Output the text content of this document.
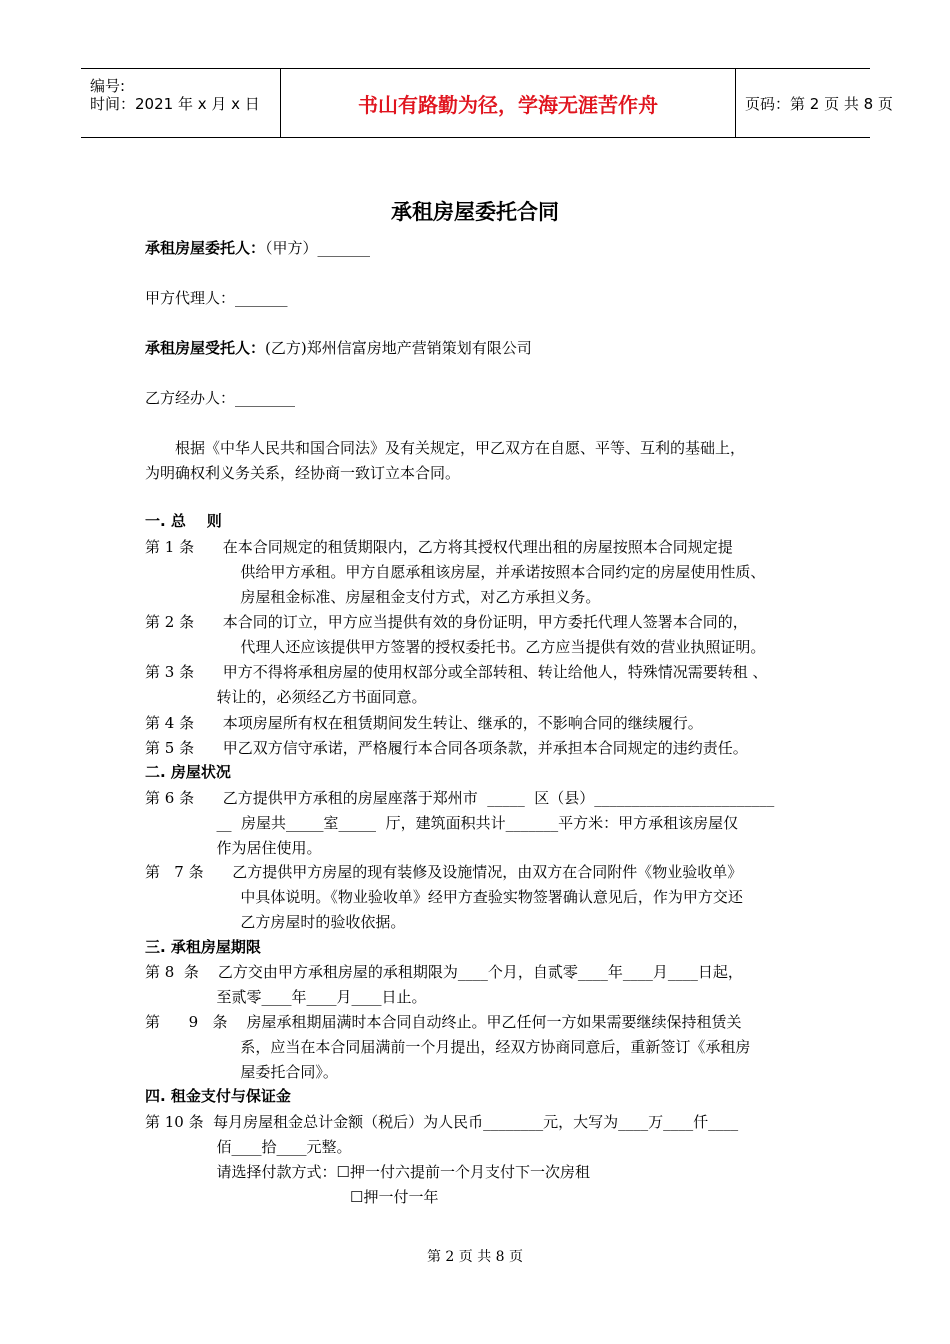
编号:
时间：2021 年 x 月 x 日	书山有路勤为径，学海无涯苦作舟	页码：第 2 页 共 8 页
承租房屋委托合同
承租房屋委托人：（甲方）_______
甲方代理人：_______
承租房屋受托人：(乙方)郑州信富房地产营销策划有限公司
乙方经办人：________
根据《中华人民共和国合同法》及有关规定，甲乙双方在自愿、平等、互利的基础上，
为明确权利义务关系，经协商一致订立本合同。
一. 总    则
第 1 条      在本合同规定的租赁期限内，乙方将其授权代理出租的房屋按照本合同规定提
供给甲方承租。甲方自愿承租该房屋，并承诺按照本合同约定的房屋使用性质、
房屋租金标准、房屋租金支付方式，对乙方承担义务。
第 2 条      本合同的订立，甲方应当提供有效的身份证明，甲方委托代理人签署本合同的，
代理人还应该提供甲方签署的授权委托书。乙方应当提供有效的营业执照证明。
第 3 条      甲方不得将承租房屋的使用权部分或全部转租、转让给他人，特殊情况需要转租 、
转让的，必须经乙方书面同意。
第 4 条      本项房屋所有权在租赁期间发生转让、继承的，不影响合同的继续履行。
第 5 条      甲乙双方信守承诺，严格履行本合同各项条款，并承担本合同规定的违约责任。
二. 房屋状况
第 6 条      乙方提供甲方承租的房屋座落于郑州市  _____  区（县）________________________
__  房屋共_____室_____  厅，建筑面积共计_______平方米：甲方承租该房屋仅
作为居住使用。
第   7 条      乙方提供甲方房屋的现有装修及设施情况，由双方在合同附件《物业验收单》
中具体说明。《物业验收单》经甲方查验实物签署确认意见后，作为甲方交还
乙方房屋时的验收依据。
三. 承租房屋期限
第 8  条    乙方交由甲方承租房屋的承租期限为____个月，自贰零____年____月____日起，
至贰零____年____月____日止。
第      9   条    房屋承租期届满时本合同自动终止。甲乙任何一方如果需要继续保持租赁关
系，应当在本合同届满前一个月提出，经双方协商同意后，重新签订《承租房
屋委托合同》。
四. 租金支付与保证金
第 10 条  每月房屋租金总计金额（税后）为人民币________元，大写为____万____仟____
佰____拾____元整。
请选择付款方式：☐押一付六提前一个月支付下一次房租
☐押一付一年
第 2 页 共 8 页
